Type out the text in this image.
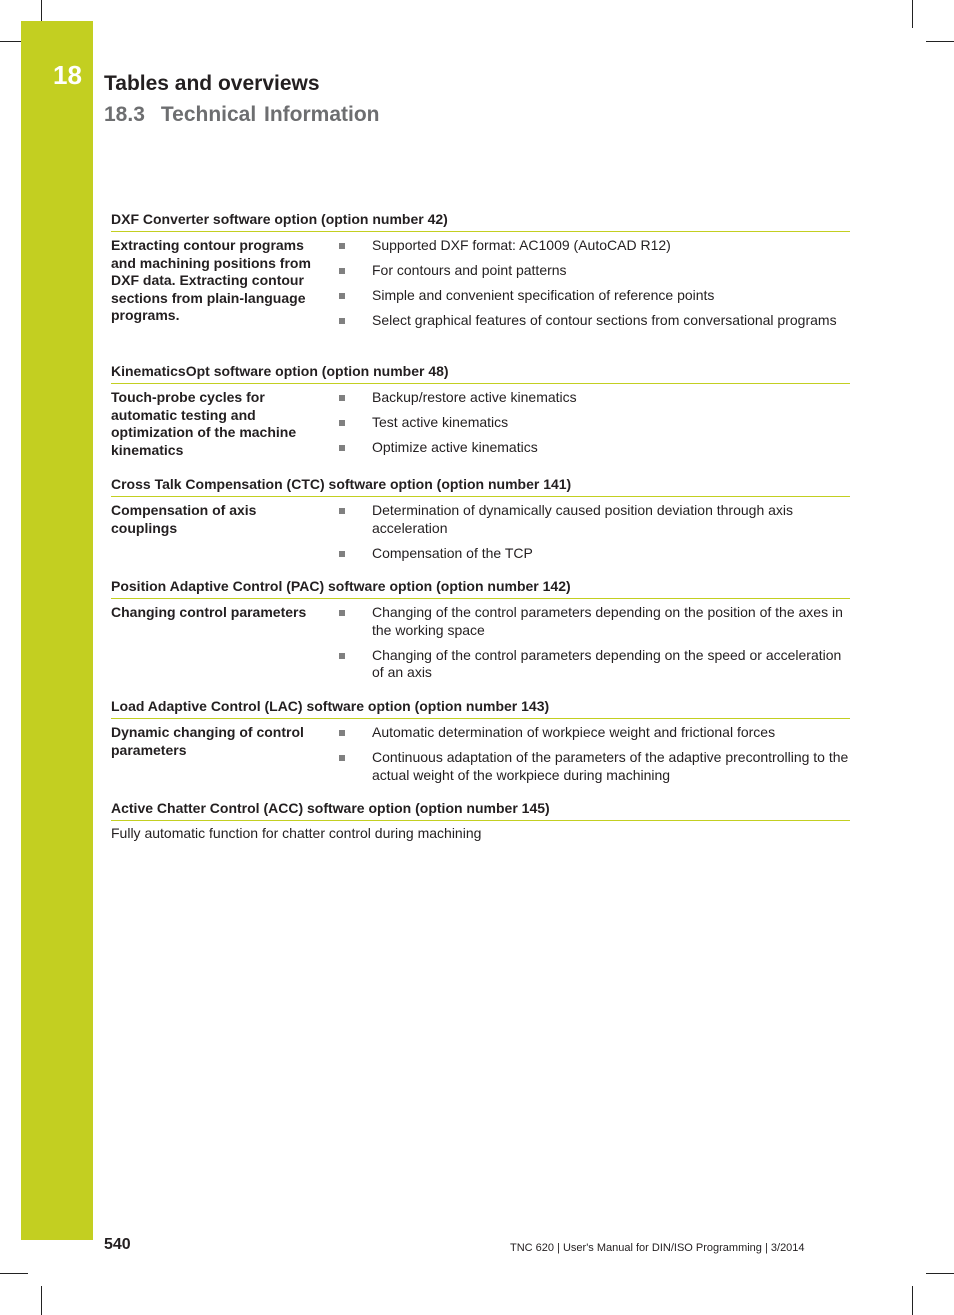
18 Tables and overviews
18.3 Technical Information
DXF Converter software option (option number 42)
Extracting contour programs and machining positions from DXF data. Extracting contour sections from plain-language programs.
Supported DXF format: AC1009 (AutoCAD R12)
For contours and point patterns
Simple and convenient specification of reference points
Select graphical features of contour sections from conversational programs
KinematicsOpt software option (option number 48)
Touch-probe cycles for automatic testing and optimization of the machine kinematics
Backup/restore active kinematics
Test active kinematics
Optimize active kinematics
Cross Talk Compensation (CTC) software option (option number 141)
Compensation of axis couplings
Determination of dynamically caused position deviation through axis acceleration
Compensation of the TCP
Position Adaptive Control (PAC) software option (option number 142)
Changing control parameters	Changing of the control parameters depending on the position of the axes in the working space
Changing of the control parameters depending on the speed or acceleration of an axis
Load Adaptive Control (LAC) software option (option number 143)
Dynamic changing of control parameters
Automatic determination of workpiece weight and frictional forces
Continuous adaptation of the parameters of the adaptive precontrolling to the actual weight of the workpiece during machining
Active Chatter Control (ACC) software option (option number 145)
Fully automatic function for chatter control during machining
540	TNC 620 | User's Manual for DIN/ISO Programming | 3/2014
